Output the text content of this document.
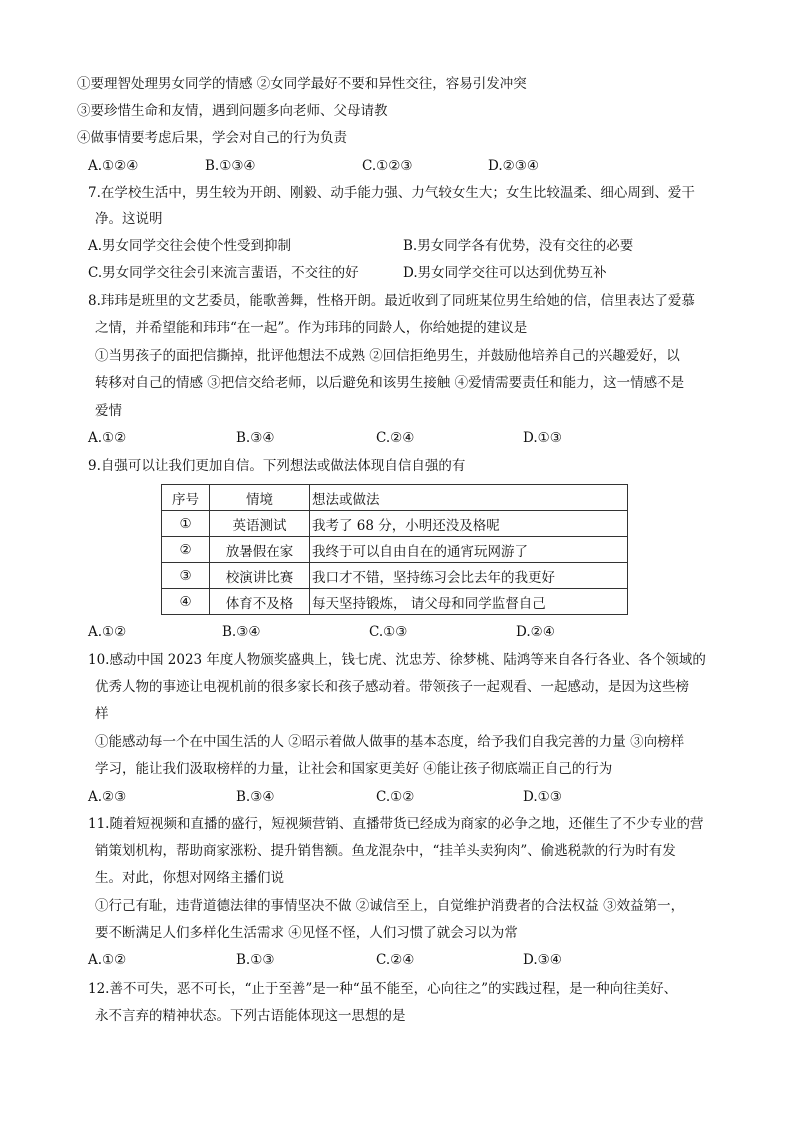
①要理智处理男女同学的情感 ②女同学最好不要和异性交往，容易引发冲突
③要珍惜生命和友情，遇到问题多向老师、父母请教
④做事情要考虑后果，学会对自己的行为负责
A.①②④	B.①③④	C.①②③	D.②③④
7.在学校生活中，男生较为开朗、刚毅、动手能力强、力气较女生大；女生比较温柔、细心周到、爱干
净。这说明
A.男女同学交往会使个性受到抑制	B.男女同学各有优势，没有交往的必要
C.男女同学交往会引来流言蜚语，不交往的好	D.男女同学交往可以达到优势互补
8.玮玮是班里的文艺委员，能歌善舞，性格开朗。最近收到了同班某位男生给她的信，信里表达了爱慕
之情，并希望能和玮玮“在一起”。作为玮玮的同龄人，你给她提的建议是
①当男孩子的面把信撕掉，批评他想法不成熟 ②回信拒绝男生，并鼓励他培养自己的兴趣爱好，以
转移对自己的情感 ③把信交给老师，以后避免和该男生接触 ④爱情需要责任和能力，这一情感不是
爱情
A.①②	B.③④	C.②④	D.①③
9.自强可以让我们更加自信。下列想法或做法体现自信自强的有
序号	情境	想法或做法
①	英语测试	我考了 68 分，小明还没及格呢
②	放暑假在家	我终于可以自由自在的通宵玩网游了
③	校演讲比赛	我口才不错，坚持练习会比去年的我更好
④	体育不及格	每天坚持锻炼， 请父母和同学监督自己
A.①②	B.③④	C.①③	D.②④
10.感动中国 2023 年度人物颁奖盛典上，钱七虎、沈忠芳、徐梦桃、陆鸿等来自各行各业、各个领域的
优秀人物的事迹让电视机前的很多家长和孩子感动着。带领孩子一起观看、一起感动，是因为这些榜
样
①能感动每一个在中国生活的人 ②昭示着做人做事的基本态度，给予我们自我完善的力量 ③向榜样
学习，能让我们汲取榜样的力量，让社会和国家更美好 ④能让孩子彻底端正自己的行为
A.②③	B.③④	C.①②	D.①③
11.随着短视频和直播的盛行，短视频营销、直播带货已经成为商家的必争之地，还催生了不少专业的营
销策划机构，帮助商家涨粉、提升销售额。鱼龙混杂中，“挂羊头卖狗肉”、偷逃税款的行为时有发
生。对此，你想对网络主播们说
①行己有耻，违背道德法律的事情坚决不做 ②诚信至上，自觉维护消费者的合法权益 ③效益第一，
要不断满足人们多样化生活需求 ④见怪不怪，人们习惯了就会习以为常
A.①②	B.①③	C.②④	D.③④
12.善不可失，恶不可长，“止于至善”是一种“虽不能至，心向往之”的实践过程，是一种向往美好、
永不言弃的精神状态。下列古语能体现这一思想的是
